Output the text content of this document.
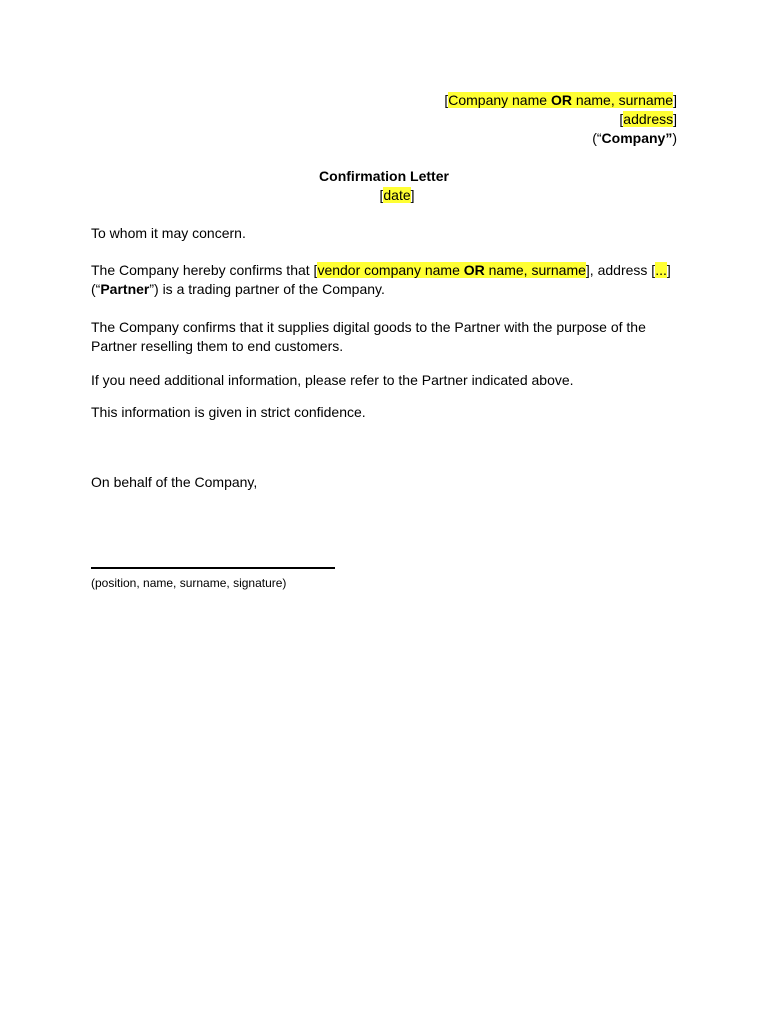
[Company name OR name, surname]
[address]
(“Company”)
Confirmation Letter
[date]

To whom it may concern.

The Company hereby confirms that [vendor company name OR name, surname], address [...]
(“Partner”) is a trading partner of the Company.

The Company confirms that it supplies digital goods to the Partner with the purpose of the Partner reselling them to end customers.

If you need additional information, please refer to the Partner indicated above.

This information is given in strict confidence.

On behalf of the Company,

(position, name, surname, signature)
